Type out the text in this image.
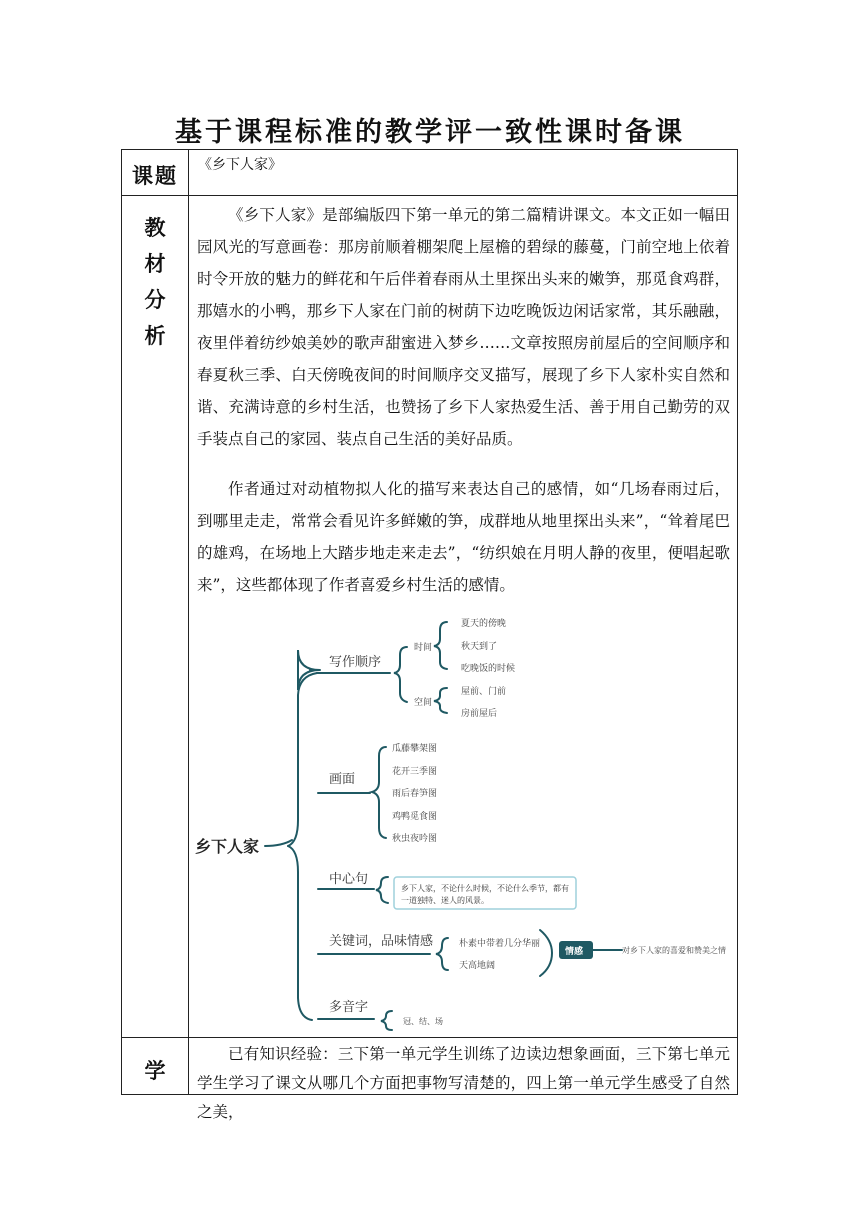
基于课程标准的教学评一致性课时备课
课题	《乡下人家》
教
材
分
析

《乡下人家》是部编版四下第一单元的第二篇精讲课文。本文正如一幅田园风光的写意画卷：那房前顺着棚架爬上屋檐的碧绿的藤蔓，门前空地上依着时令开放的魅力的鲜花和午后伴着春雨从土里探出头来的嫩笋，那觅食鸡群，那嬉水的小鸭，那乡下人家在门前的树荫下边吃晚饭边闲话家常，其乐融融，夜里伴着纺纱娘美妙的歌声甜蜜进入梦乡……文章按照房前屋后的空间顺序和春夏秋三季、白天傍晚夜间的时间顺序交叉描写，展现了乡下人家朴实自然和谐、充满诗意的乡村生活，也赞扬了乡下人家热爱生活、善于用自己勤劳的双手装点自己的家园、装点自己生活的美好品质。

作者通过对动植物拟人化的描写来表达自己的感情，如“几场春雨过后，到哪里走走，常常会看见许多鲜嫩的笋，成群地从地里探出头来”，“耸着尾巴的雄鸡，在场地上大踏步地走来走去”，“纺织娘在月明人静的夜里，便唱起歌来”，这些都体现了作者喜爱乡村生活的感情。

乡下人家
写作顺序
时间
夏天的傍晚
秋天到了
吃晚饭的时候
空间
屋前、门前
房前屋后
画面
瓜藤攀架图
花开三季图
雨后春笋图
鸡鸭觅食图
秋虫夜吟图
中心句
乡下人家，不论什么时候，不论什么季节，都有
一道独特、迷人的风景。
关键词，品味情感	朴素中带着几分华丽
天高地阔
情感	对乡下人家的喜爱和赞美之情
多音字
冠、结、场
学

已有知识经验：三下第一单元学生训练了边读边想象画面，三下第七单元学生学习了课文从哪几个方面把事物写清楚的，四上第一单元学生感受了自然之美，
